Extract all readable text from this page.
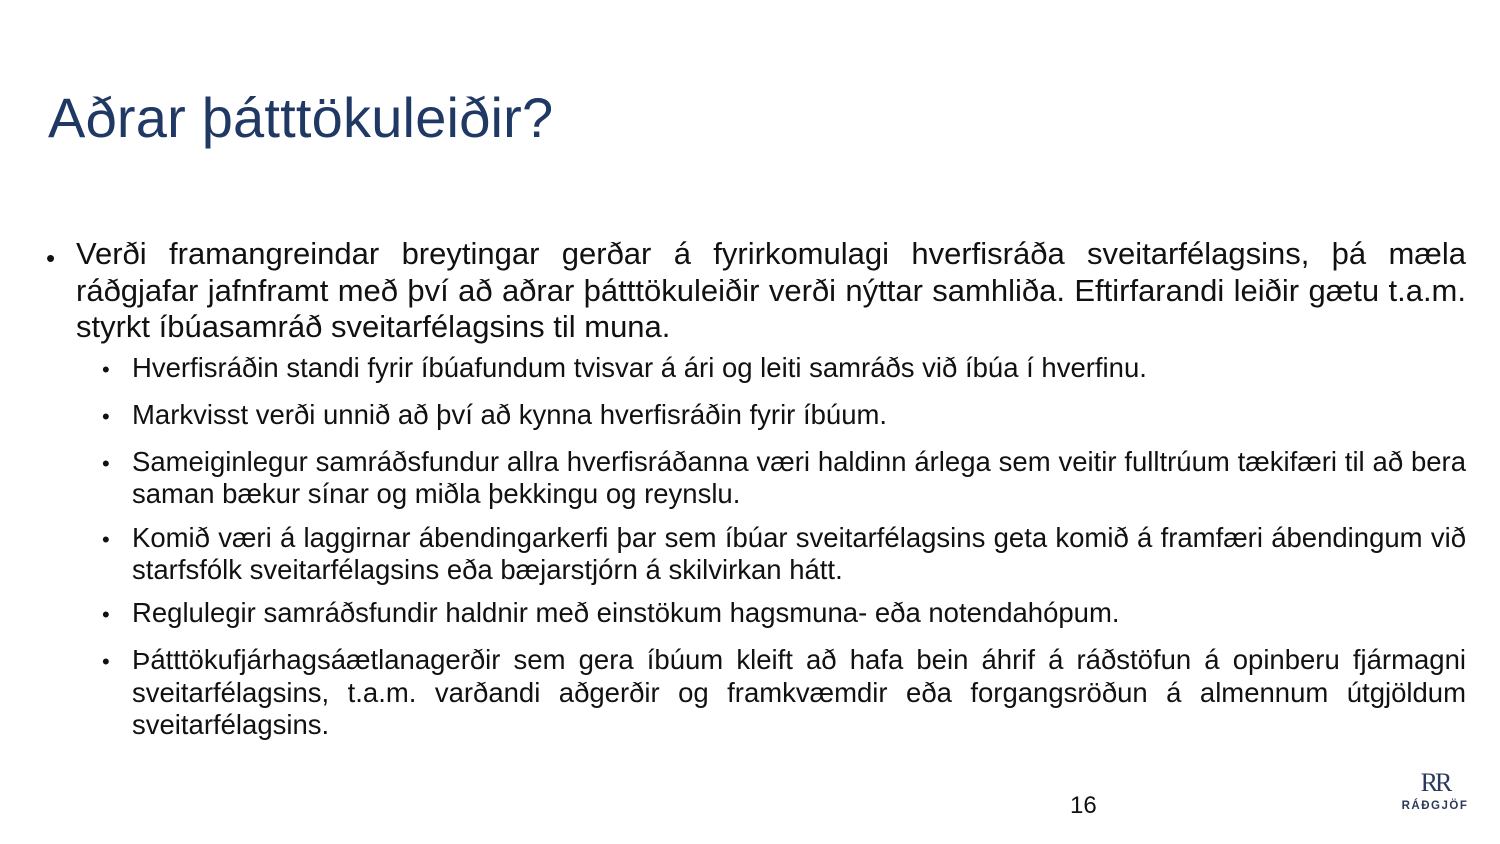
Aðrar þátttökuleiðir?
• Verði framangreindar breytingar gerðar á fyrirkomulagi hverfisráða sveitarfélagsins, þá mæla ráðgjafar jafnframt með því að aðrar þátttökuleiðir verði nýttar samhliða. Eftirfarandi leiðir gætu t.a.m. styrkt íbúasamráð sveitarfélagsins til muna.
• Hverfisráðin standi fyrir íbúafundum tvisvar á ári og leiti samráðs við íbúa í hverfinu.
• Markvisst verði unnið að því að kynna hverfisráðin fyrir íbúum.
• Sameiginlegur samráðsfundur allra hverfisráðanna væri haldinn árlega sem veitir fulltrúum tækifæri til að bera saman bækur sínar og miðla þekkingu og reynslu.
• Komið væri á laggirnar ábendingarkerfi þar sem íbúar sveitarfélagsins geta komið á framfæri ábendingum við starfsfólk sveitarfélagsins eða bæjarstjórn á skilvirkan hátt.
• Reglulegir samráðsfundir haldnir með einstökum hagsmuna- eða notendahópum.
• Þátttökufjárhagsáætlanagerðir sem gera íbúum kleift að hafa bein áhrif á ráðstöfun á opinberu fjármagni sveitarfélagsins, t.a.m. varðandi aðgerðir og framkvæmdir eða forgangsröðun á almennum útgjöldum sveitarfélagsins.
16
RR
RÁÐGJÖF
